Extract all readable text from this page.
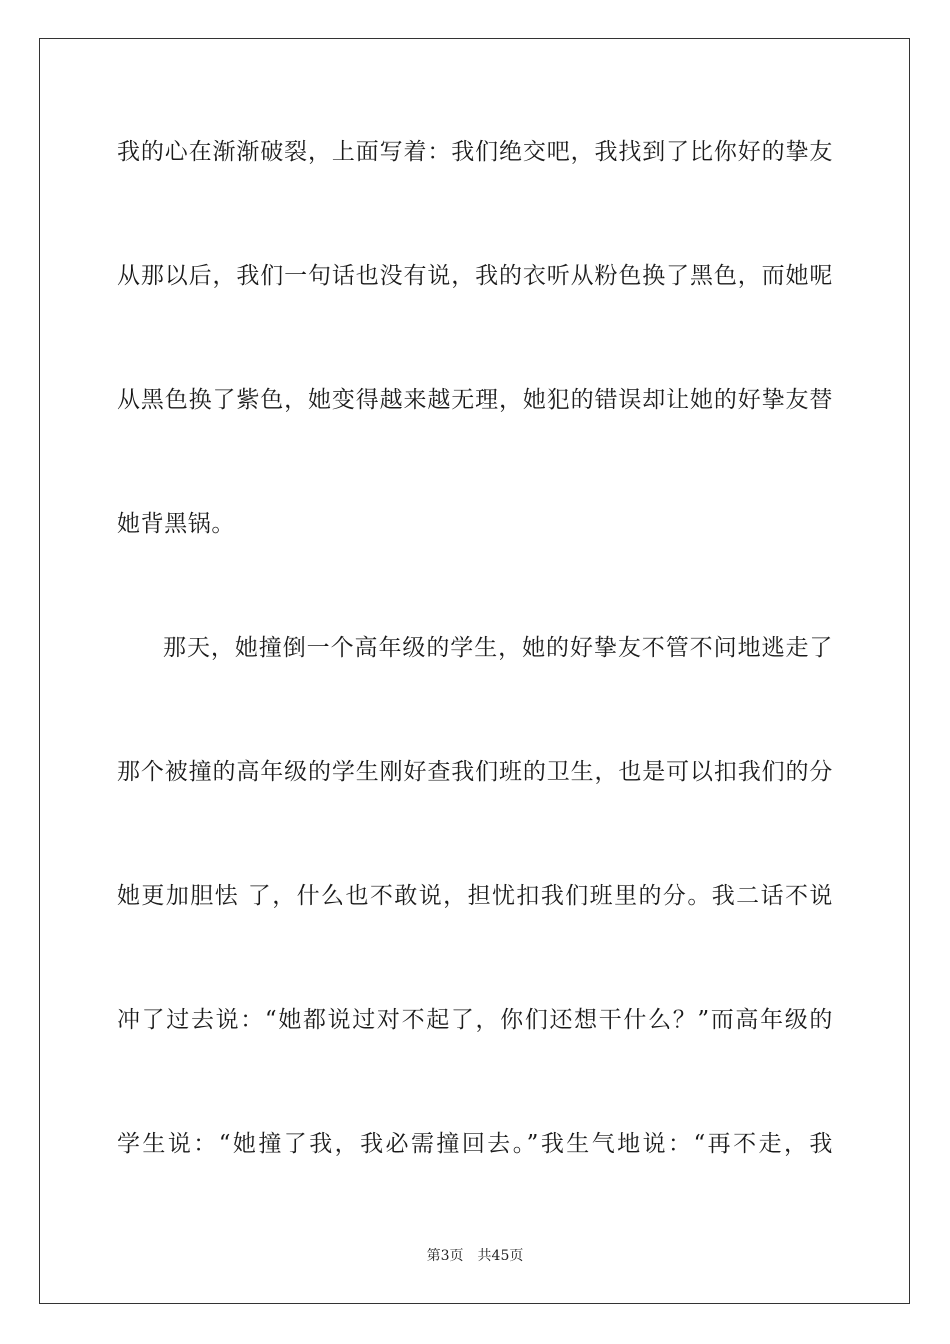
我的心在渐渐破裂，上面写着：我们绝交吧，我找到了比你好的挚友
从那以后，我们一句话也没有说，我的衣听从粉色换了黑色，而她呢
从黑色换了紫色，她变得越来越无理，她犯的错误却让她的好挚友替
她背黑锅。
那天，她撞倒一个高年级的学生，她的好挚友不管不问地逃走了
那个被撞的高年级的学生刚好查我们班的卫生，也是可以扣我们的分
她更加胆怯 了，什么也不敢说，担忧扣我们班里的分。我二话不说
冲了过去说：“她都说过对不起了，你们还想干什么？”而高年级的
学生说：“她撞了我，我必需撞回去。”我生气地说：“再不走，我
第3页 共45页
